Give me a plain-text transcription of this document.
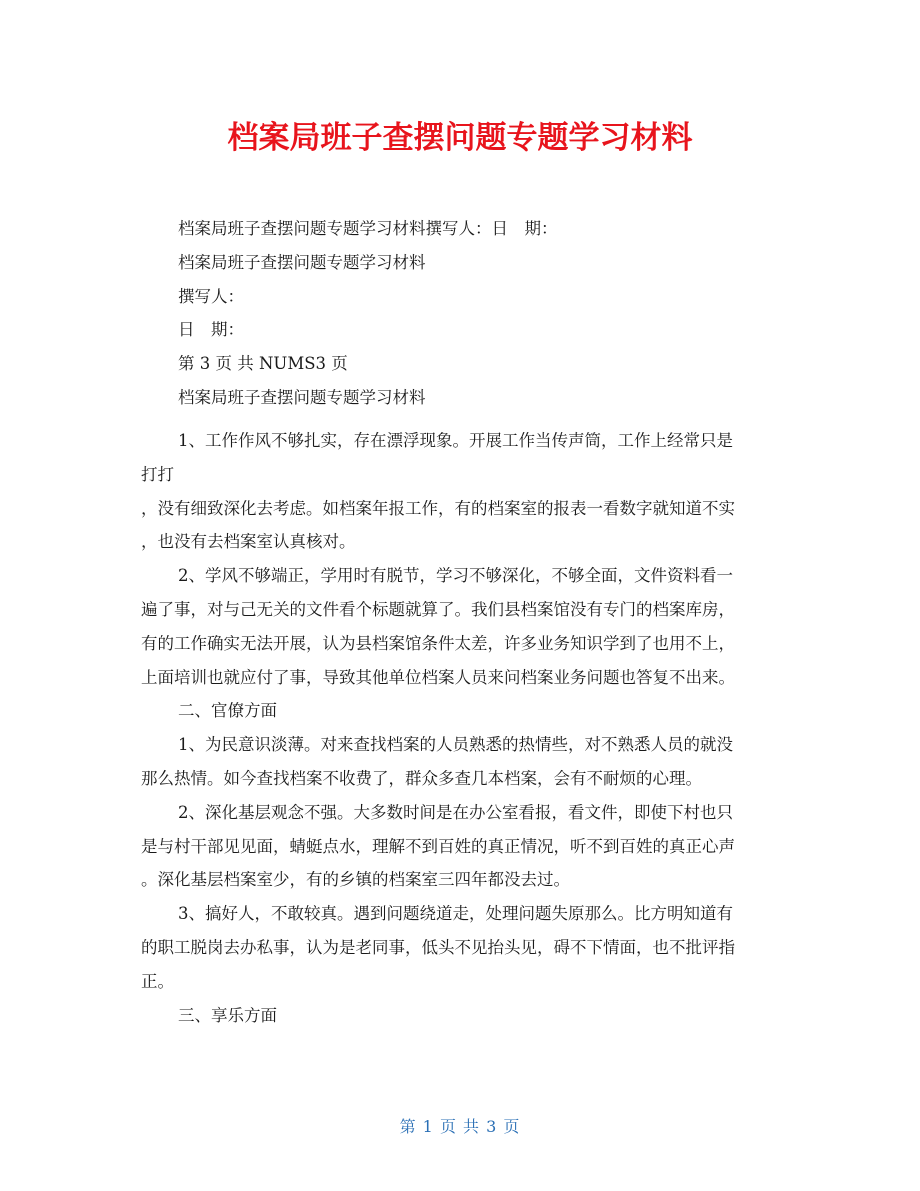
档案局班子查摆问题专题学习材料

档案局班子查摆问题专题学习材料撰写人：日　期：

档案局班子查摆问题专题学习材料

撰写人：

日　期：

第 3 页 共 NUMS3 页

档案局班子查摆问题专题学习材料

1、工作作风不够扎实，存在漂浮现象。开展工作当传声筒，工作上经常只是
打打
，没有细致深化去考虑。如档案年报工作，有的档案室的报表一看数字就知道不实
，也没有去档案室认真核对。
2、学风不够端正，学用时有脱节，学习不够深化，不够全面，文件资料看一
遍了事，对与己无关的文件看个标题就算了。我们县档案馆没有专门的档案库房，
有的工作确实无法开展，认为县档案馆条件太差，许多业务知识学到了也用不上，
上面培训也就应付了事，导致其他单位档案人员来问档案业务问题也答复不出来。
二、官僚方面
1、为民意识淡薄。对来查找档案的人员熟悉的热情些，对不熟悉人员的就没
那么热情。如今查找档案不收费了，群众多查几本档案，会有不耐烦的心理。
2、深化基层观念不强。大多数时间是在办公室看报，看文件，即使下村也只
是与村干部见见面，蜻蜓点水，理解不到百姓的真正情况，听不到百姓的真正心声
。深化基层档案室少，有的乡镇的档案室三四年都没去过。
3、搞好人，不敢较真。遇到问题绕道走，处理问题失原那么。比方明知道有
的职工脱岗去办私事，认为是老同事，低头不见抬头见，碍不下情面，也不批评指
正。
三、享乐方面
第 1 页 共 3 页
